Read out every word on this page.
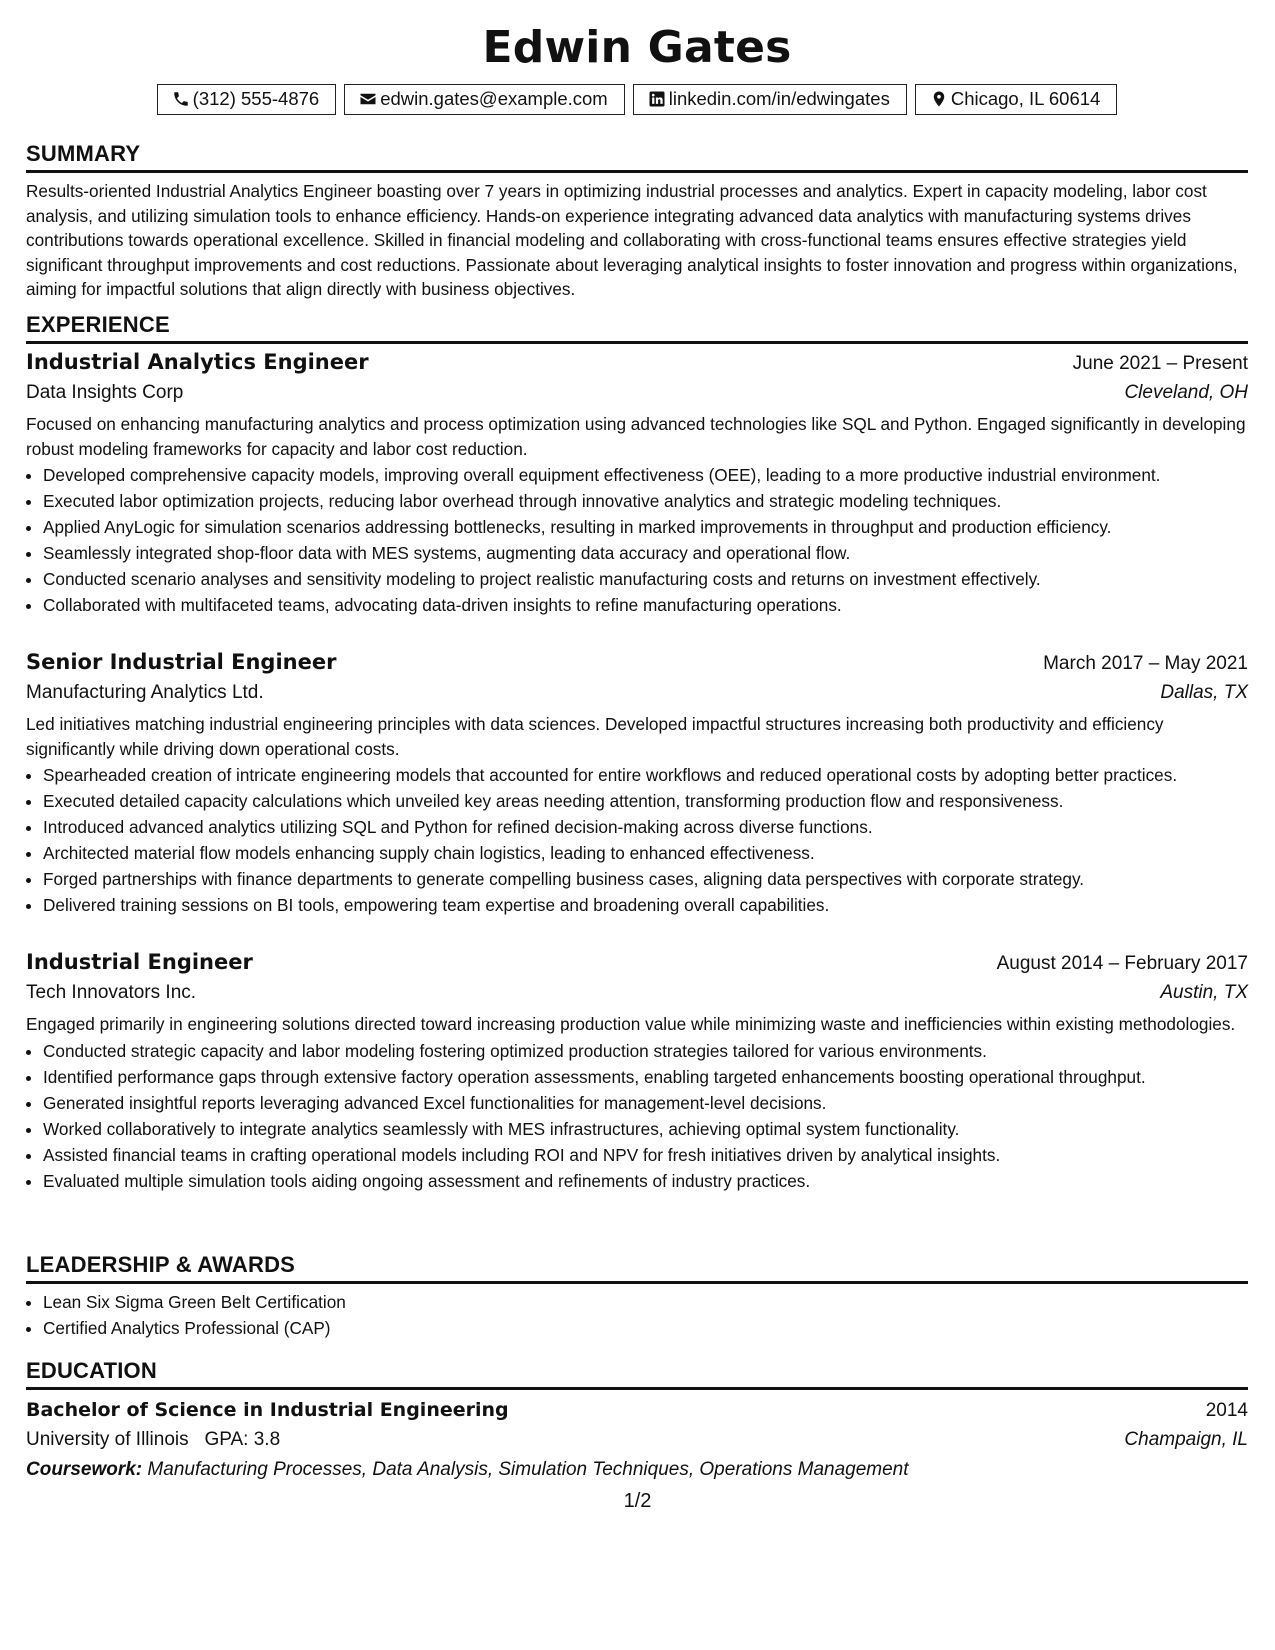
Edwin Gates
(312) 555-4876	edwin.gates@example.com	linkedin.com/in/edwingates	Chicago, IL 60614
SUMMARY

Results-oriented Industrial Analytics Engineer boasting over 7 years in optimizing industrial processes and analytics. Expert in capacity modeling, labor cost analysis, and utilizing simulation tools to enhance efficiency. Hands-on experience integrating advanced data analytics with manufacturing systems drives contributions towards operational excellence. Skilled in financial modeling and collaborating with cross-functional teams ensures effective strategies yield significant throughput improvements and cost reductions. Passionate about leveraging analytical insights to foster innovation and progress within organizations, aiming for impactful solutions that align directly with business objectives.

EXPERIENCE
Industrial Analytics Engineer	June 2021 – Present
Data Insights Corp	Cleveland, OH

Focused on enhancing manufacturing analytics and process optimization using advanced technologies like SQL and Python. Engaged significantly in developing robust modeling frameworks for capacity and labor cost reduction.

• Developed comprehensive capacity models, improving overall equipment effectiveness (OEE), leading to a more productive industrial environment.
• Executed labor optimization projects, reducing labor overhead through innovative analytics and strategic modeling techniques.
• Applied AnyLogic for simulation scenarios addressing bottlenecks, resulting in marked improvements in throughput and production efficiency.
• Seamlessly integrated shop-floor data with MES systems, augmenting data accuracy and operational flow.
• Conducted scenario analyses and sensitivity modeling to project realistic manufacturing costs and returns on investment effectively.
• Collaborated with multifaceted teams, advocating data-driven insights to refine manufacturing operations.
Senior Industrial Engineer	March 2017 – May 2021
Manufacturing Analytics Ltd.	Dallas, TX

Led initiatives matching industrial engineering principles with data sciences. Developed impactful structures increasing both productivity and efficiency significantly while driving down operational costs.

• Spearheaded creation of intricate engineering models that accounted for entire workflows and reduced operational costs by adopting better practices.
• Executed detailed capacity calculations which unveiled key areas needing attention, transforming production flow and responsiveness.
• Introduced advanced analytics utilizing SQL and Python for refined decision-making across diverse functions.
• Architected material flow models enhancing supply chain logistics, leading to enhanced effectiveness.
• Forged partnerships with finance departments to generate compelling business cases, aligning data perspectives with corporate strategy.
• Delivered training sessions on BI tools, empowering team expertise and broadening overall capabilities.
Industrial Engineer	August 2014 – February 2017
Tech Innovators Inc.	Austin, TX

Engaged primarily in engineering solutions directed toward increasing production value while minimizing waste and inefficiencies within existing methodologies.

• Conducted strategic capacity and labor modeling fostering optimized production strategies tailored for various environments.
• Identified performance gaps through extensive factory operation assessments, enabling targeted enhancements boosting operational throughput.
• Generated insightful reports leveraging advanced Excel functionalities for management-level decisions.
• Worked collaboratively to integrate analytics seamlessly with MES infrastructures, achieving optimal system functionality.
• Assisted financial teams in crafting operational models including ROI and NPV for fresh initiatives driven by analytical insights.
• Evaluated multiple simulation tools aiding ongoing assessment and refinements of industry practices.
LEADERSHIP & AWARDS
• Lean Six Sigma Green Belt Certification
• Certified Analytics Professional (CAP)
EDUCATION
Bachelor of Science in Industrial Engineering	2014
University of Illinois GPA: 3.8	Champaign, IL
Coursework: Manufacturing Processes, Data Analysis, Simulation Techniques, Operations Management
1/2
